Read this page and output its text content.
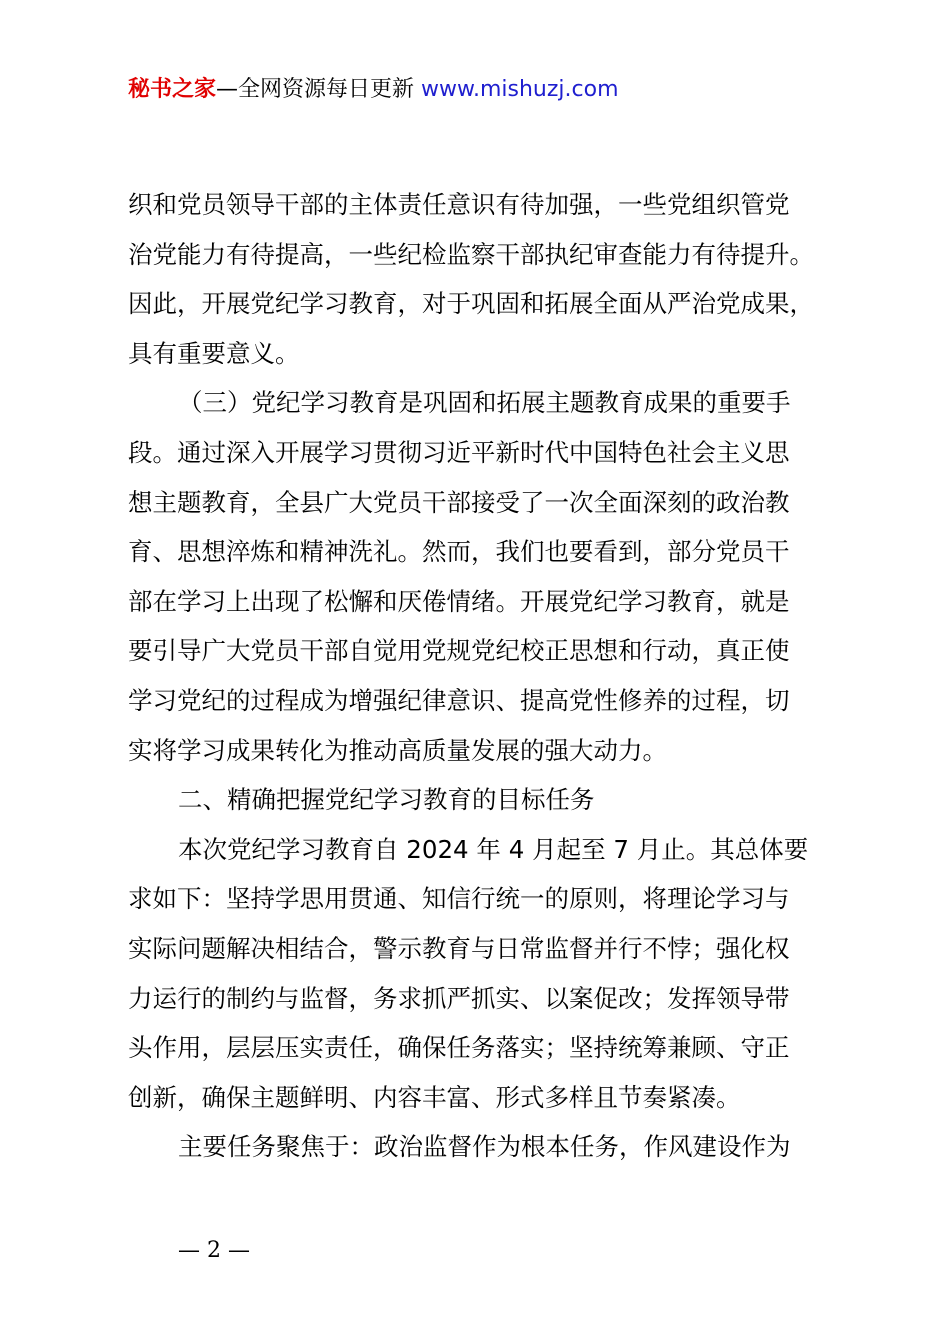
秘书之家—全网资源每日更新 www.mishuzj.com

织和党员领导干部的主体责任意识有待加强，一些党组织管党
治党能力有待提高，一些纪检监察干部执纪审查能力有待提升。
因此，开展党纪学习教育，对于巩固和拓展全面从严治党成果，
具有重要意义。

（三）党纪学习教育是巩固和拓展主题教育成果的重要手
段。通过深入开展学习贯彻习近平新时代中国特色社会主义思
想主题教育，全县广大党员干部接受了一次全面深刻的政治教
育、思想淬炼和精神洗礼。然而，我们也要看到，部分党员干
部在学习上出现了松懈和厌倦情绪。开展党纪学习教育，就是
要引导广大党员干部自觉用党规党纪校正思想和行动，真正使
学习党纪的过程成为增强纪律意识、提高党性修养的过程，切
实将学习成果转化为推动高质量发展的强大动力。

二、精确把握党纪学习教育的目标任务

本次党纪学习教育自 2024 年 4 月起至 7 月止。其总体要
求如下：坚持学思用贯通、知信行统一的原则，将理论学习与
实际问题解决相结合，警示教育与日常监督并行不悖；强化权
力运行的制约与监督，务求抓严抓实、以案促改；发挥领导带
头作用，层层压实责任，确保任务落实；坚持统筹兼顾、守正
创新，确保主题鲜明、内容丰富、形式多样且节奏紧凑。

主要任务聚焦于：政治监督作为根本任务，作风建设作为

— 2 —
